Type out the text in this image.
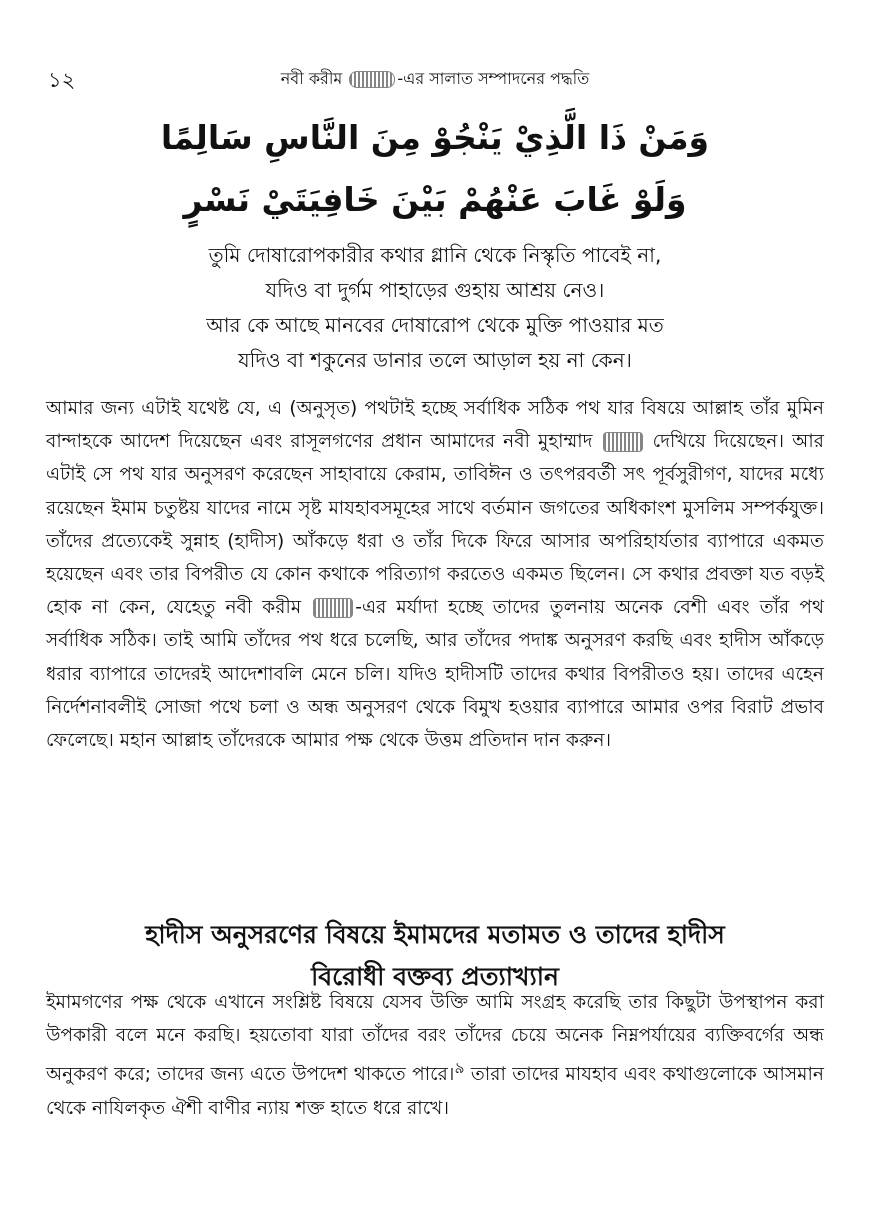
১২	নবী করীম	-এর সালাত সম্পাদনের পদ্ধতি
وَمَنْ ذَا الَّذِيْ يَنْجُوْ مِنَ النَّاسِ سَالِمًا
وَلَوْ غَابَ عَنْهُمْ بَيْنَ خَافِيَتَيْ نَسْرٍ
তুমি দোষারোপকারীর কথার গ্লানি থেকে নিস্কৃতি পাবেই না,
যদিও বা দুর্গম পাহাড়ের গুহায় আশ্রয় নেও।
আর কে আছে মানবের দোষারোপ থেকে মুক্তি পাওয়ার মত
যদিও বা শকুনের ডানার তলে আড়াল হয় না কেন।
আমার জন্য এটাই যথেষ্ট যে, এ (অনুসৃত) পথটাই হচ্ছে সর্বাধিক সঠিক পথ যার বিষয়ে আল্লাহ তাঁর মুমিন বান্দাহকে আদেশ দিয়েছেন এবং রাসূলগণের প্রধান আমাদের নবী মুহাম্মাদ	দেখিয়ে দিয়েছেন। আর এটাই সে পথ যার অনুসরণ করেছেন সাহাবায়ে কেরাম, তাবিঈন ও তৎপরবর্তী সৎ পূর্বসুরীগণ, যাদের মধ্যে রয়েছেন ইমাম চতুষ্টয় যাদের নামে সৃষ্ট মাযহাবসমূহের সাথে বর্তমান জগতের অধিকাংশ মুসলিম সম্পর্কযুক্ত। তাঁদের প্রত্যেকেই সুন্নাহ (হাদীস) আঁকড়ে ধরা ও তাঁর দিকে ফিরে আসার অপরিহার্যতার ব্যাপারে একমত হয়েছেন এবং তার বিপরীত যে কোন কথাকে পরিত্যাগ করতেও একমত ছিলেন। সে কথার প্রবক্তা যত বড়ই হোক না কেন, যেহেতু নবী করীম -এর মর্যাদা হচ্ছে তাদের তুলনায় অনেক বেশী এবং তাঁর পথ সর্বাধিক সঠিক। তাই আমি তাঁদের পথ ধরে চলেছি, আর তাঁদের পদাঙ্ক অনুসরণ করছি এবং হাদীস আঁকড়ে ধরার ব্যাপারে তাদেরই আদেশাবলি মেনে চলি। যদিও হাদীসটি তাদের কথার বিপরীতও হয়। তাদের এহেন নির্দেশনাবলীই সোজা পথে চলা ও অন্ধ অনুসরণ থেকে বিমুখ হওয়ার ব্যাপারে আমার ওপর বিরাট প্রভাব ফেলেছে। মহান আল্লাহ তাঁদেরকে আমার পক্ষ থেকে উত্তম প্রতিদান দান করুন।
হাদীস অনুসরণের বিষয়ে ইমামদের মতামত ও তাদের হাদীস
বিরোধী বক্তব্য প্রত্যাখ্যান
ইমামগণের পক্ষ থেকে এখানে সংশ্লিষ্ট বিষয়ে যেসব উক্তি আমি সংগ্রহ করেছি তার কিছুটা উপস্থাপন করা উপকারী বলে মনে করছি। হয়তোবা যারা তাঁদের বরং তাঁদের চেয়ে অনেক নিম্নপর্যায়ের ব্যক্তিবর্গের অন্ধ অনুকরণ করে; তাদের জন্য এতে উপদেশ থাকতে পারে।$^৯$ তারা তাদের মাযহাব এবং কথাগুলোকে আসমান থেকে নাযিলকৃত ঐশী বাণীর ন্যায় শক্ত হাতে ধরে রাখে।
